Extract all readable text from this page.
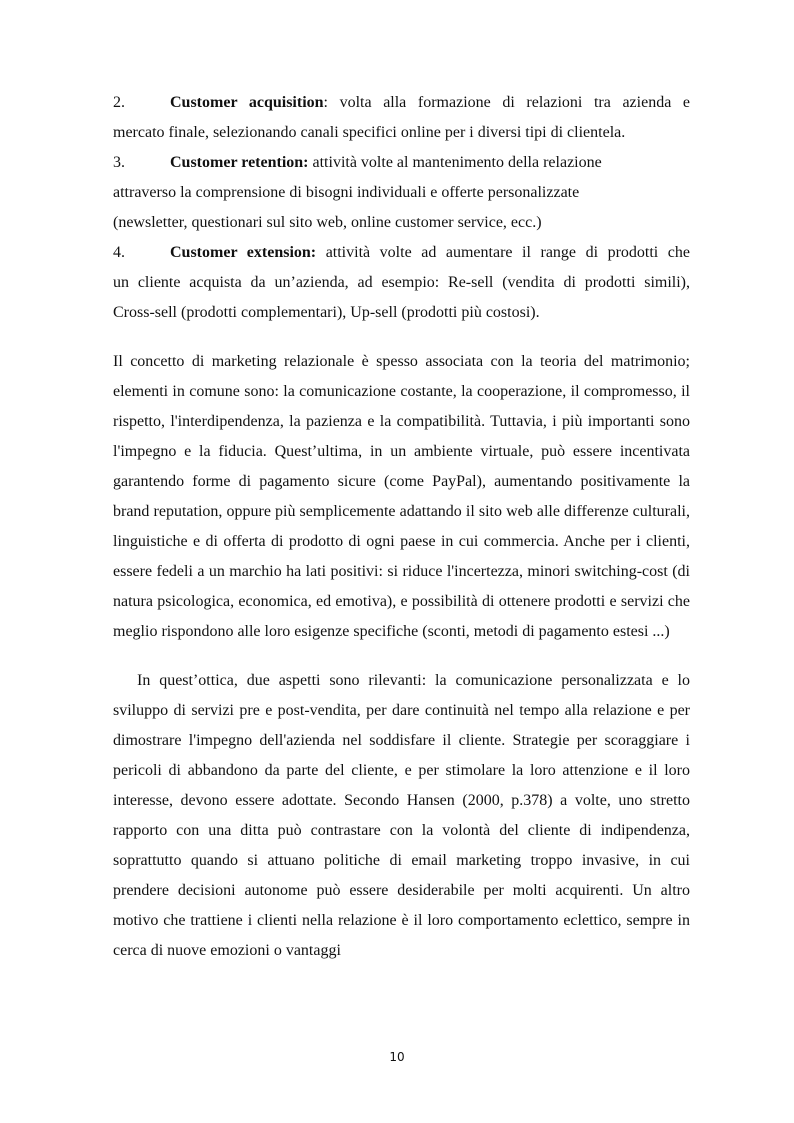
2.	Customer acquisition: volta alla formazione di relazioni tra azienda e

mercato finale, selezionando canali specifici online per i diversi tipi di clientela.

3.	Customer retention: attività volte al mantenimento della relazione

attraverso la comprensione di bisogni individuali e offerte personalizzate

(newsletter, questionari sul sito web, online customer service, ecc.)

4.	Customer extension: attività volte ad aumentare il range di prodotti che

un cliente acquista da un’azienda, ad esempio: Re-sell (vendita di prodotti simili),

Cross-sell (prodotti complementari), Up-sell (prodotti più costosi).

Il concetto di marketing relazionale è spesso associata con la teoria del matrimonio; elementi in comune sono: la comunicazione costante, la cooperazione, il compromesso, il rispetto, l'interdipendenza, la pazienza e la compatibilità. Tuttavia, i più importanti sono l'impegno e la fiducia. Quest’ultima, in un ambiente virtuale, può essere incentivata garantendo forme di pagamento sicure (come PayPal), aumentando positivamente la brand reputation, oppure più semplicemente adattando il sito web alle differenze culturali, linguistiche e di offerta di prodotto di ogni paese in cui commercia. Anche per i clienti, essere fedeli a un marchio ha lati positivi: si riduce l'incertezza, minori switching-cost (di natura psicologica, economica, ed emotiva), e possibilità di ottenere prodotti e servizi che meglio rispondono alle loro esigenze specifiche (sconti, metodi di pagamento estesi ...)

In quest’ottica, due aspetti sono rilevanti: la comunicazione personalizzata e lo sviluppo di servizi pre e post-vendita, per dare continuità nel tempo alla relazione e per dimostrare l'impegno dell'azienda nel soddisfare il cliente. Strategie per scoraggiare i pericoli di abbandono da parte del cliente, e per stimolare la loro attenzione e il loro interesse, devono essere adottate. Secondo Hansen (2000, p.378) a volte, uno stretto rapporto con una ditta può contrastare con la volontà del cliente di indipendenza, soprattutto quando si attuano politiche di email marketing troppo invasive, in cui prendere decisioni autonome può essere desiderabile per molti acquirenti. Un altro motivo che trattiene i clienti nella relazione è il loro comportamento eclettico, sempre in cerca di nuove emozioni o vantaggi

10
